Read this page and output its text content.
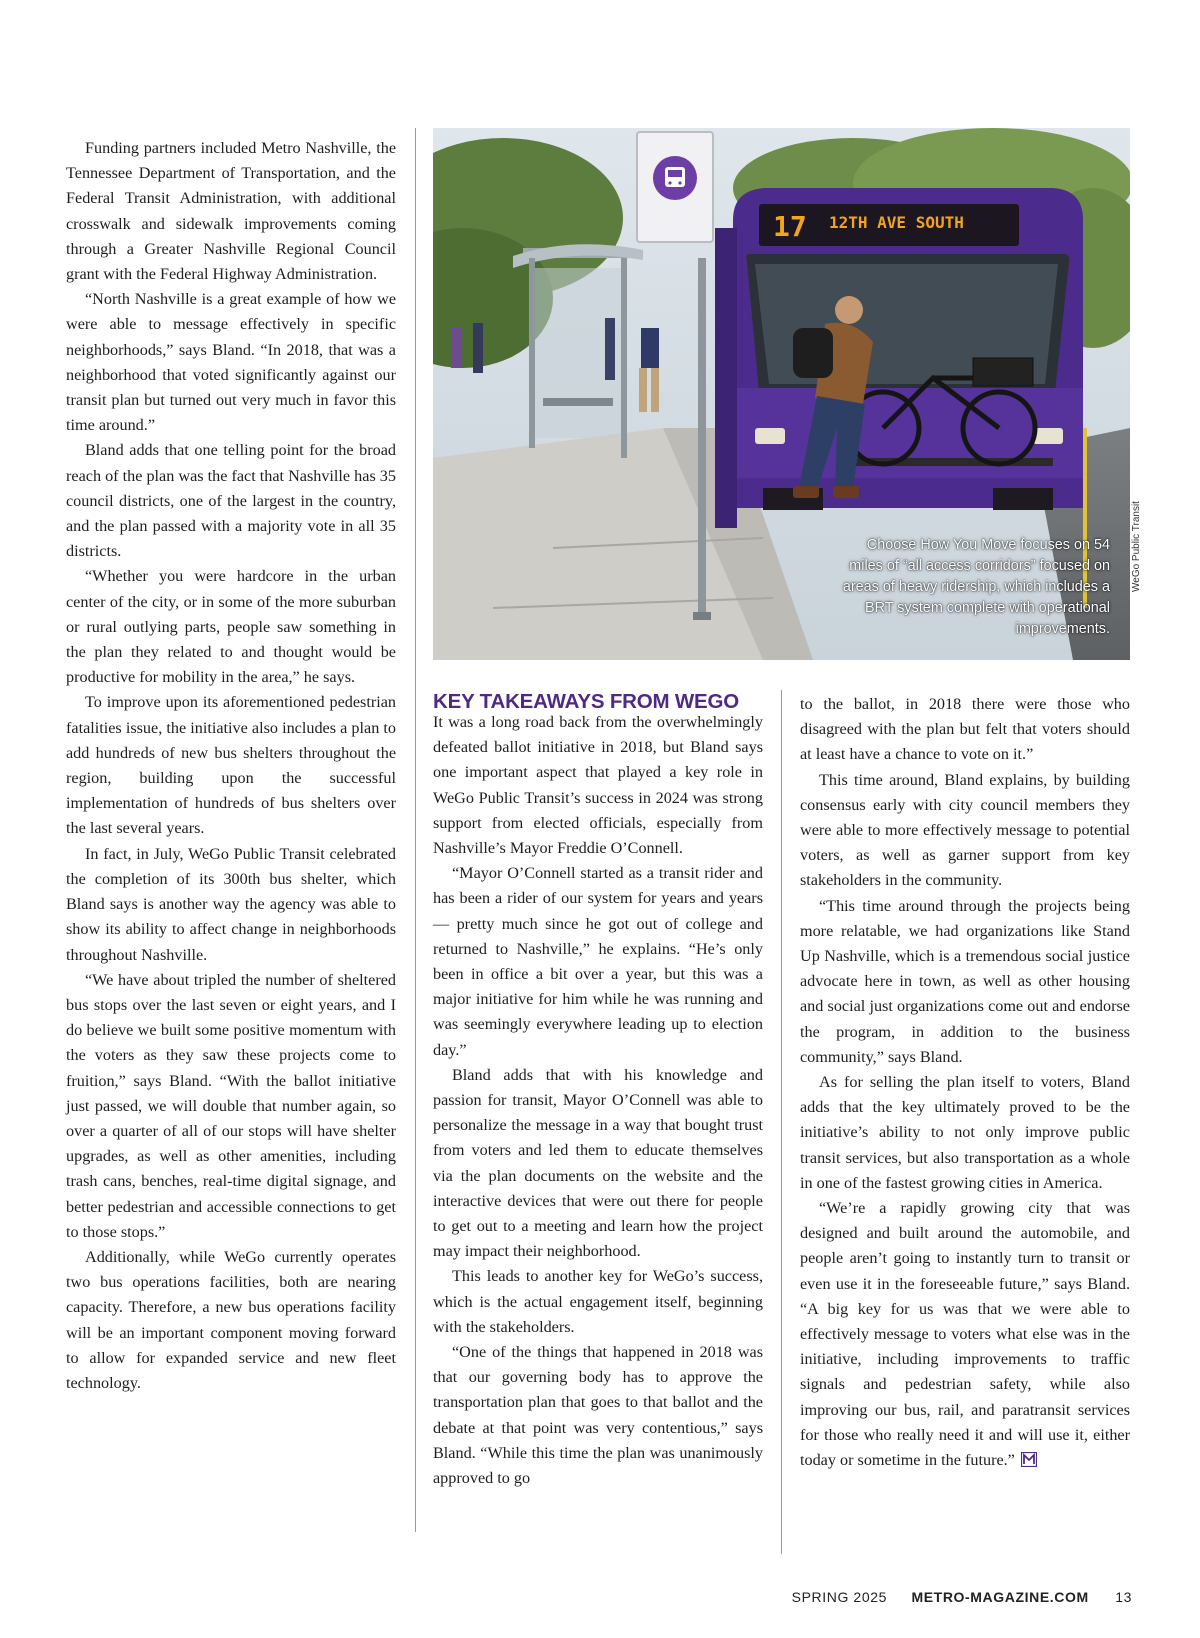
Funding partners included Metro Nashville, the Tennessee Department of Transportation, and the Federal Transit Administration, with additional crosswalk and sidewalk improvements coming through a Greater Nashville Regional Council grant with the Federal Highway Administration.

“North Nashville is a great example of how we were able to message effectively in specific neighborhoods,” says Bland. “In 2018, that was a neighborhood that voted significantly against our transit plan but turned out very much in favor this time around.”

Bland adds that one telling point for the broad reach of the plan was the fact that Nashville has 35 council districts, one of the largest in the country, and the plan passed with a majority vote in all 35 districts.

“Whether you were hardcore in the urban center of the city, or in some of the more suburban or rural outlying parts, people saw something in the plan they related to and thought would be productive for mobility in the area,” he says.

To improve upon its aforementioned pedestrian fatalities issue, the initiative also includes a plan to add hundreds of new bus shelters throughout the region, building upon the successful implementation of hundreds of bus shelters over the last several years.

In fact, in July, WeGo Public Transit celebrated the completion of its 300th bus shelter, which Bland says is another way the agency was able to show its ability to affect change in neighborhoods throughout Nashville.

“We have about tripled the number of sheltered bus stops over the last seven or eight years, and I do believe we built some positive momentum with the voters as they saw these projects come to fruition,” says Bland. “With the ballot initiative just passed, we will double that number again, so over a quarter of all of our stops will have shelter upgrades, as well as other amenities, including trash cans, benches, real-time digital signage, and better pedestrian and accessible connections to get to those stops.”

Additionally, while WeGo currently operates two bus operations facilities, both are nearing capacity. Therefore, a new bus operations facility will be an important component moving forward to allow for expanded service and new fleet technology.

17 12TH AVE SOUTH
Choose How You Move focuses on 54 miles of “all access corridors” focused on areas of heavy ridership, which includes a BRT system complete with operational improvements.
WeGo Public Transit
KEY TAKEAWAYS FROM WEGO

It was a long road back from the overwhelmingly defeated ballot initiative in 2018, but Bland says one important aspect that played a key role in WeGo Public Transit’s success in 2024 was strong support from elected officials, especially from Nashville’s Mayor Freddie O’Connell.

“Mayor O’Connell started as a transit rider and has been a rider of our system for years and years — pretty much since he got out of college and returned to Nashville,” he explains. “He’s only been in office a bit over a year, but this was a major initiative for him while he was running and was seemingly everywhere leading up to election day.”

Bland adds that with his knowledge and passion for transit, Mayor O’Connell was able to personalize the message in a way that bought trust from voters and led them to educate themselves via the plan documents on the website and the interactive devices that were out there for people to get out to a meeting and learn how the project may impact their neighborhood.

This leads to another key for WeGo’s success, which is the actual engagement itself, beginning with the stakeholders.

“One of the things that happened in 2018 was that our governing body has to approve the transportation plan that goes to that ballot and the debate at that point was very contentious,” says Bland. “While this time the plan was unanimously approved to go

to the ballot, in 2018 there were those who disagreed with the plan but felt that voters should at least have a chance to vote on it.”

This time around, Bland explains, by building consensus early with city council members they were able to more effectively message to potential voters, as well as garner support from key stakeholders in the community.

“This time around through the projects being more relatable, we had organizations like Stand Up Nashville, which is a tremendous social justice advocate here in town, as well as other housing and social just organizations come out and endorse the program, in addition to the business community,” says Bland.

As for selling the plan itself to voters, Bland adds that the key ultimately proved to be the initiative’s ability to not only improve public transit services, but also transportation as a whole in one of the fastest growing cities in America.

“We’re a rapidly growing city that was designed and built around the automobile, and people aren’t going to instantly turn to transit or even use it in the foreseeable future,” says Bland. “A big key for us was that we were able to effectively message to voters what else was in the initiative, including improvements to traffic signals and pedestrian safety, while also improving our bus, rail, and paratransit services for those who really need it and will use it, either today or sometime in the future.”

SPRING 2025 METRO-MAGAZINE.COM 13
